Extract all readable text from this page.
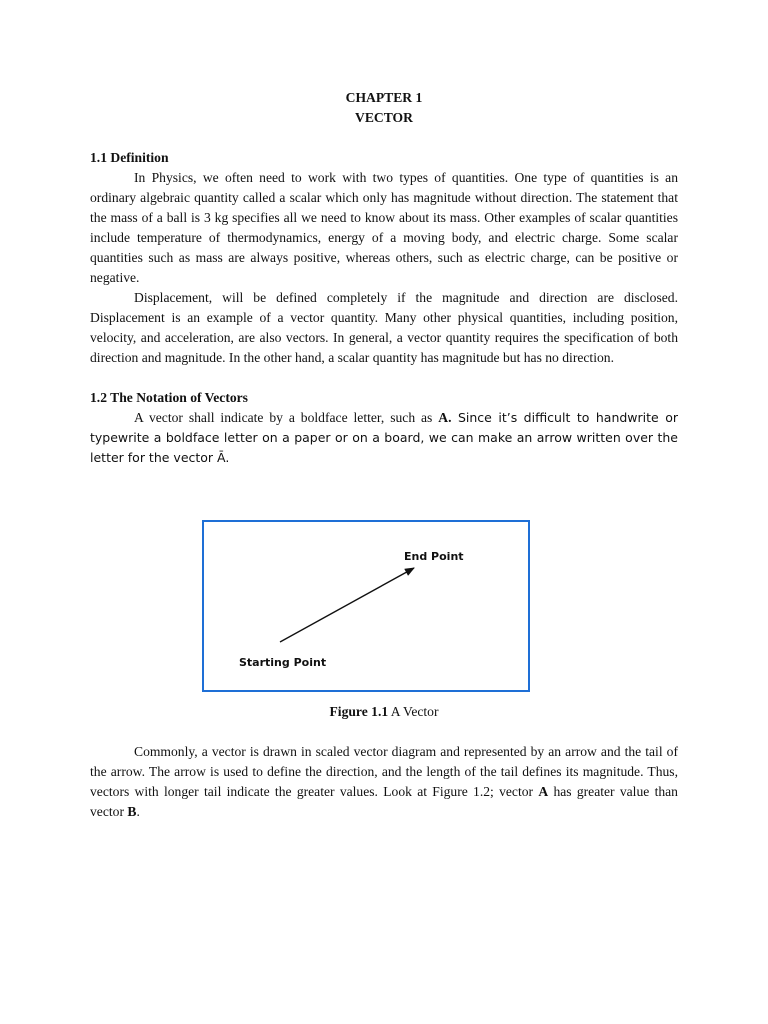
CHAPTER 1
VECTOR
1.1 Definition

In Physics, we often need to work with two types of quantities. One type of quantities is an ordinary algebraic quantity called a scalar which only has magnitude without direction. The statement that the mass of a ball is 3 kg specifies all we need to know about its mass. Other examples of scalar quantities include temperature of thermodynamics, energy of a moving body, and electric charge. Some scalar quantities such as mass are always positive, whereas others, such as electric charge, can be positive or negative.

Displacement, will be defined completely if the magnitude and direction are disclosed. Displacement is an example of a vector quantity. Many other physical quantities, including position, velocity, and acceleration, are also vectors. In general, a vector quantity requires the specification of both direction and magnitude. In the other hand, a scalar quantity has magnitude but has no direction.

1.2 The Notation of Vectors

A vector shall indicate by a boldface letter, such as A. Since it’s difficult to handwrite or typewrite a boldface letter on a paper or on a board, we can make an arrow written over the letter for the vector Ā.

End Point
Starting Point
Figure 1.1 A Vector

Commonly, a vector is drawn in scaled vector diagram and represented by an arrow and the tail of the arrow. The arrow is used to define the direction, and the length of the tail defines its magnitude. Thus, vectors with longer tail indicate the greater values. Look at Figure 1.2; vector A has greater value than vector B.
